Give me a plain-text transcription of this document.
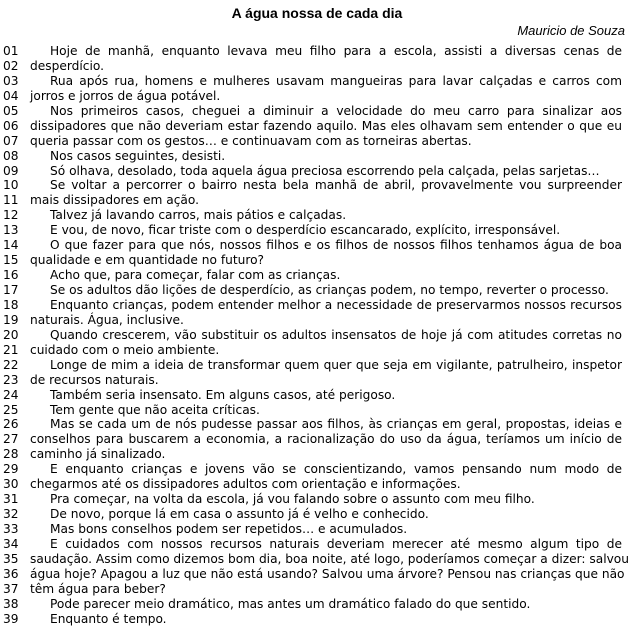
A água nossa de cada dia
Mauricio de Souza
01	Hoje de manhã, enquanto levava meu filho para a escola, assisti a diversas cenas de
02 desperdício.
03	Rua após rua, homens e mulheres usavam mangueiras para lavar calçadas e carros com
04 jorros e jorros de água potável.
05	Nos primeiros casos, cheguei a diminuir a velocidade do meu carro para sinalizar aos
06 dissipadores que não deveriam estar fazendo aquilo. Mas eles olhavam sem entender o que eu
07 queria passar com os gestos… e continuavam com as torneiras abertas.
08	Nos casos seguintes, desisti.
09	Só olhava, desolado, toda aquela água preciosa escorrendo pela calçada, pelas sarjetas…
10	Se voltar a percorrer o bairro nesta bela manhã de abril, provavelmente vou surpreender
11 mais dissipadores em ação.
12	Talvez já lavando carros, mais pátios e calçadas.
13	E vou, de novo, ficar triste com o desperdício escancarado, explícito, irresponsável.
14	O que fazer para que nós, nossos filhos e os filhos de nossos filhos tenhamos água de boa
15 qualidade e em quantidade no futuro?
16	Acho que, para começar, falar com as crianças.
17	Se os adultos dão lições de desperdício, as crianças podem, no tempo, reverter o processo.
18	Enquanto crianças, podem entender melhor a necessidade de preservarmos nossos recursos
19 naturais. Água, inclusive.
20	Quando crescerem, vão substituir os adultos insensatos de hoje já com atitudes corretas no
21 cuidado com o meio ambiente.
22	Longe de mim a ideia de transformar quem quer que seja em vigilante, patrulheiro, inspetor
23 de recursos naturais.
24	Também seria insensato. Em alguns casos, até perigoso.
25	Tem gente que não aceita críticas.
26	Mas se cada um de nós pudesse passar aos filhos, às crianças em geral, propostas, ideias e
27 conselhos para buscarem a economia, a racionalização do uso da água, teríamos um início de
28 caminho já sinalizado.
29	E enquanto crianças e jovens vão se conscientizando, vamos pensando num modo de
30 chegarmos até os dissipadores adultos com orientação e informações.
31	Pra começar, na volta da escola, já vou falando sobre o assunto com meu filho.
32	De novo, porque lá em casa o assunto já é velho e conhecido.
33	Mas bons conselhos podem ser repetidos… e acumulados.
34	E cuidados com nossos recursos naturais deveriam merecer até mesmo algum tipo de
35 saudação. Assim como dizemos bom dia, boa noite, até logo, poderíamos começar a dizer: salvou
36 água hoje? Apagou a luz que não está usando? Salvou uma árvore? Pensou nas crianças que não
37 têm água para beber?
38	Pode parecer meio dramático, mas antes um dramático falado do que sentido.
39	Enquanto é tempo.
